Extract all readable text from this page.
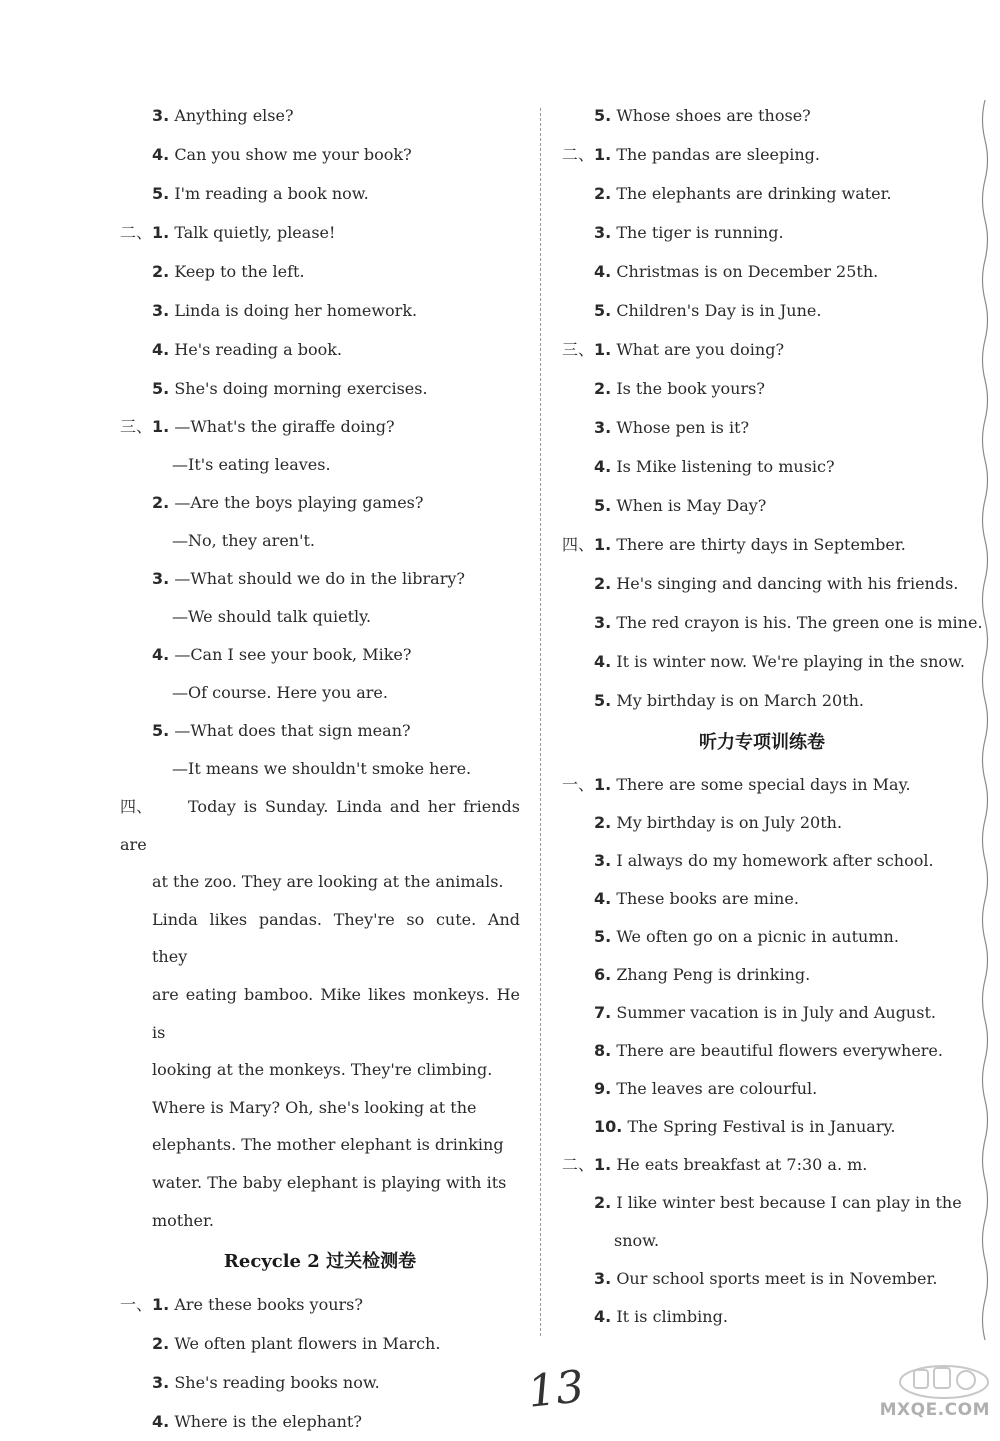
3. Anything else?
4. Can you show me your book?
5. I'm reading a book now.
二、1. Talk quietly, please!
2. Keep to the left.
3. Linda is doing her homework.
4. He's reading a book.
5. She's doing morning exercises.
三、1. —What's the giraffe doing?
—It's eating leaves.
2. —Are the boys playing games?
—No, they aren't.
3. —What should we do in the library?
—We should talk quietly.
4. —Can I see your book, Mike?
—Of course. Here you are.
5. —What does that sign mean?
—It means we shouldn't smoke here.
四、 Today is Sunday. Linda and her friends are
at the zoo. They are looking at the animals.
Linda likes pandas. They're so cute. And they
are eating bamboo. Mike likes monkeys. He is
looking at the monkeys. They're climbing.
Where is Mary? Oh, she's looking at the
elephants. The mother elephant is drinking
water. The baby elephant is playing with its
mother.
Recycle 2 过关检测卷
一、1. Are these books yours?
2. We often plant flowers in March.
3. She's reading books now.
4. Where is the elephant?
5. Whose shoes are those?
二、1. The pandas are sleeping.
2. The elephants are drinking water.
3. The tiger is running.
4. Christmas is on December 25th.
5. Children's Day is in June.
三、1. What are you doing?
2. Is the book yours?
3. Whose pen is it?
4. Is Mike listening to music?
5. When is May Day?
四、1. There are thirty days in September.
2. He's singing and dancing with his friends.
3. The red crayon is his. The green one is mine.
4. It is winter now. We're playing in the snow.
5. My birthday is on March 20th.
听力专项训练卷
一、1. There are some special days in May.
2. My birthday is on July 20th.
3. I always do my homework after school.
4. These books are mine.
5. We often go on a picnic in autumn.
6. Zhang Peng is drinking.
7. Summer vacation is in July and August.
8. There are beautiful flowers everywhere.
9. The leaves are colourful.
10. The Spring Festival is in January.
二、1. He eats breakfast at 7:30 a. m.
2. I like winter best because I can play in the
snow.
3. Our school sports meet is in November.
4. It is climbing.
13	MXQE.COM
